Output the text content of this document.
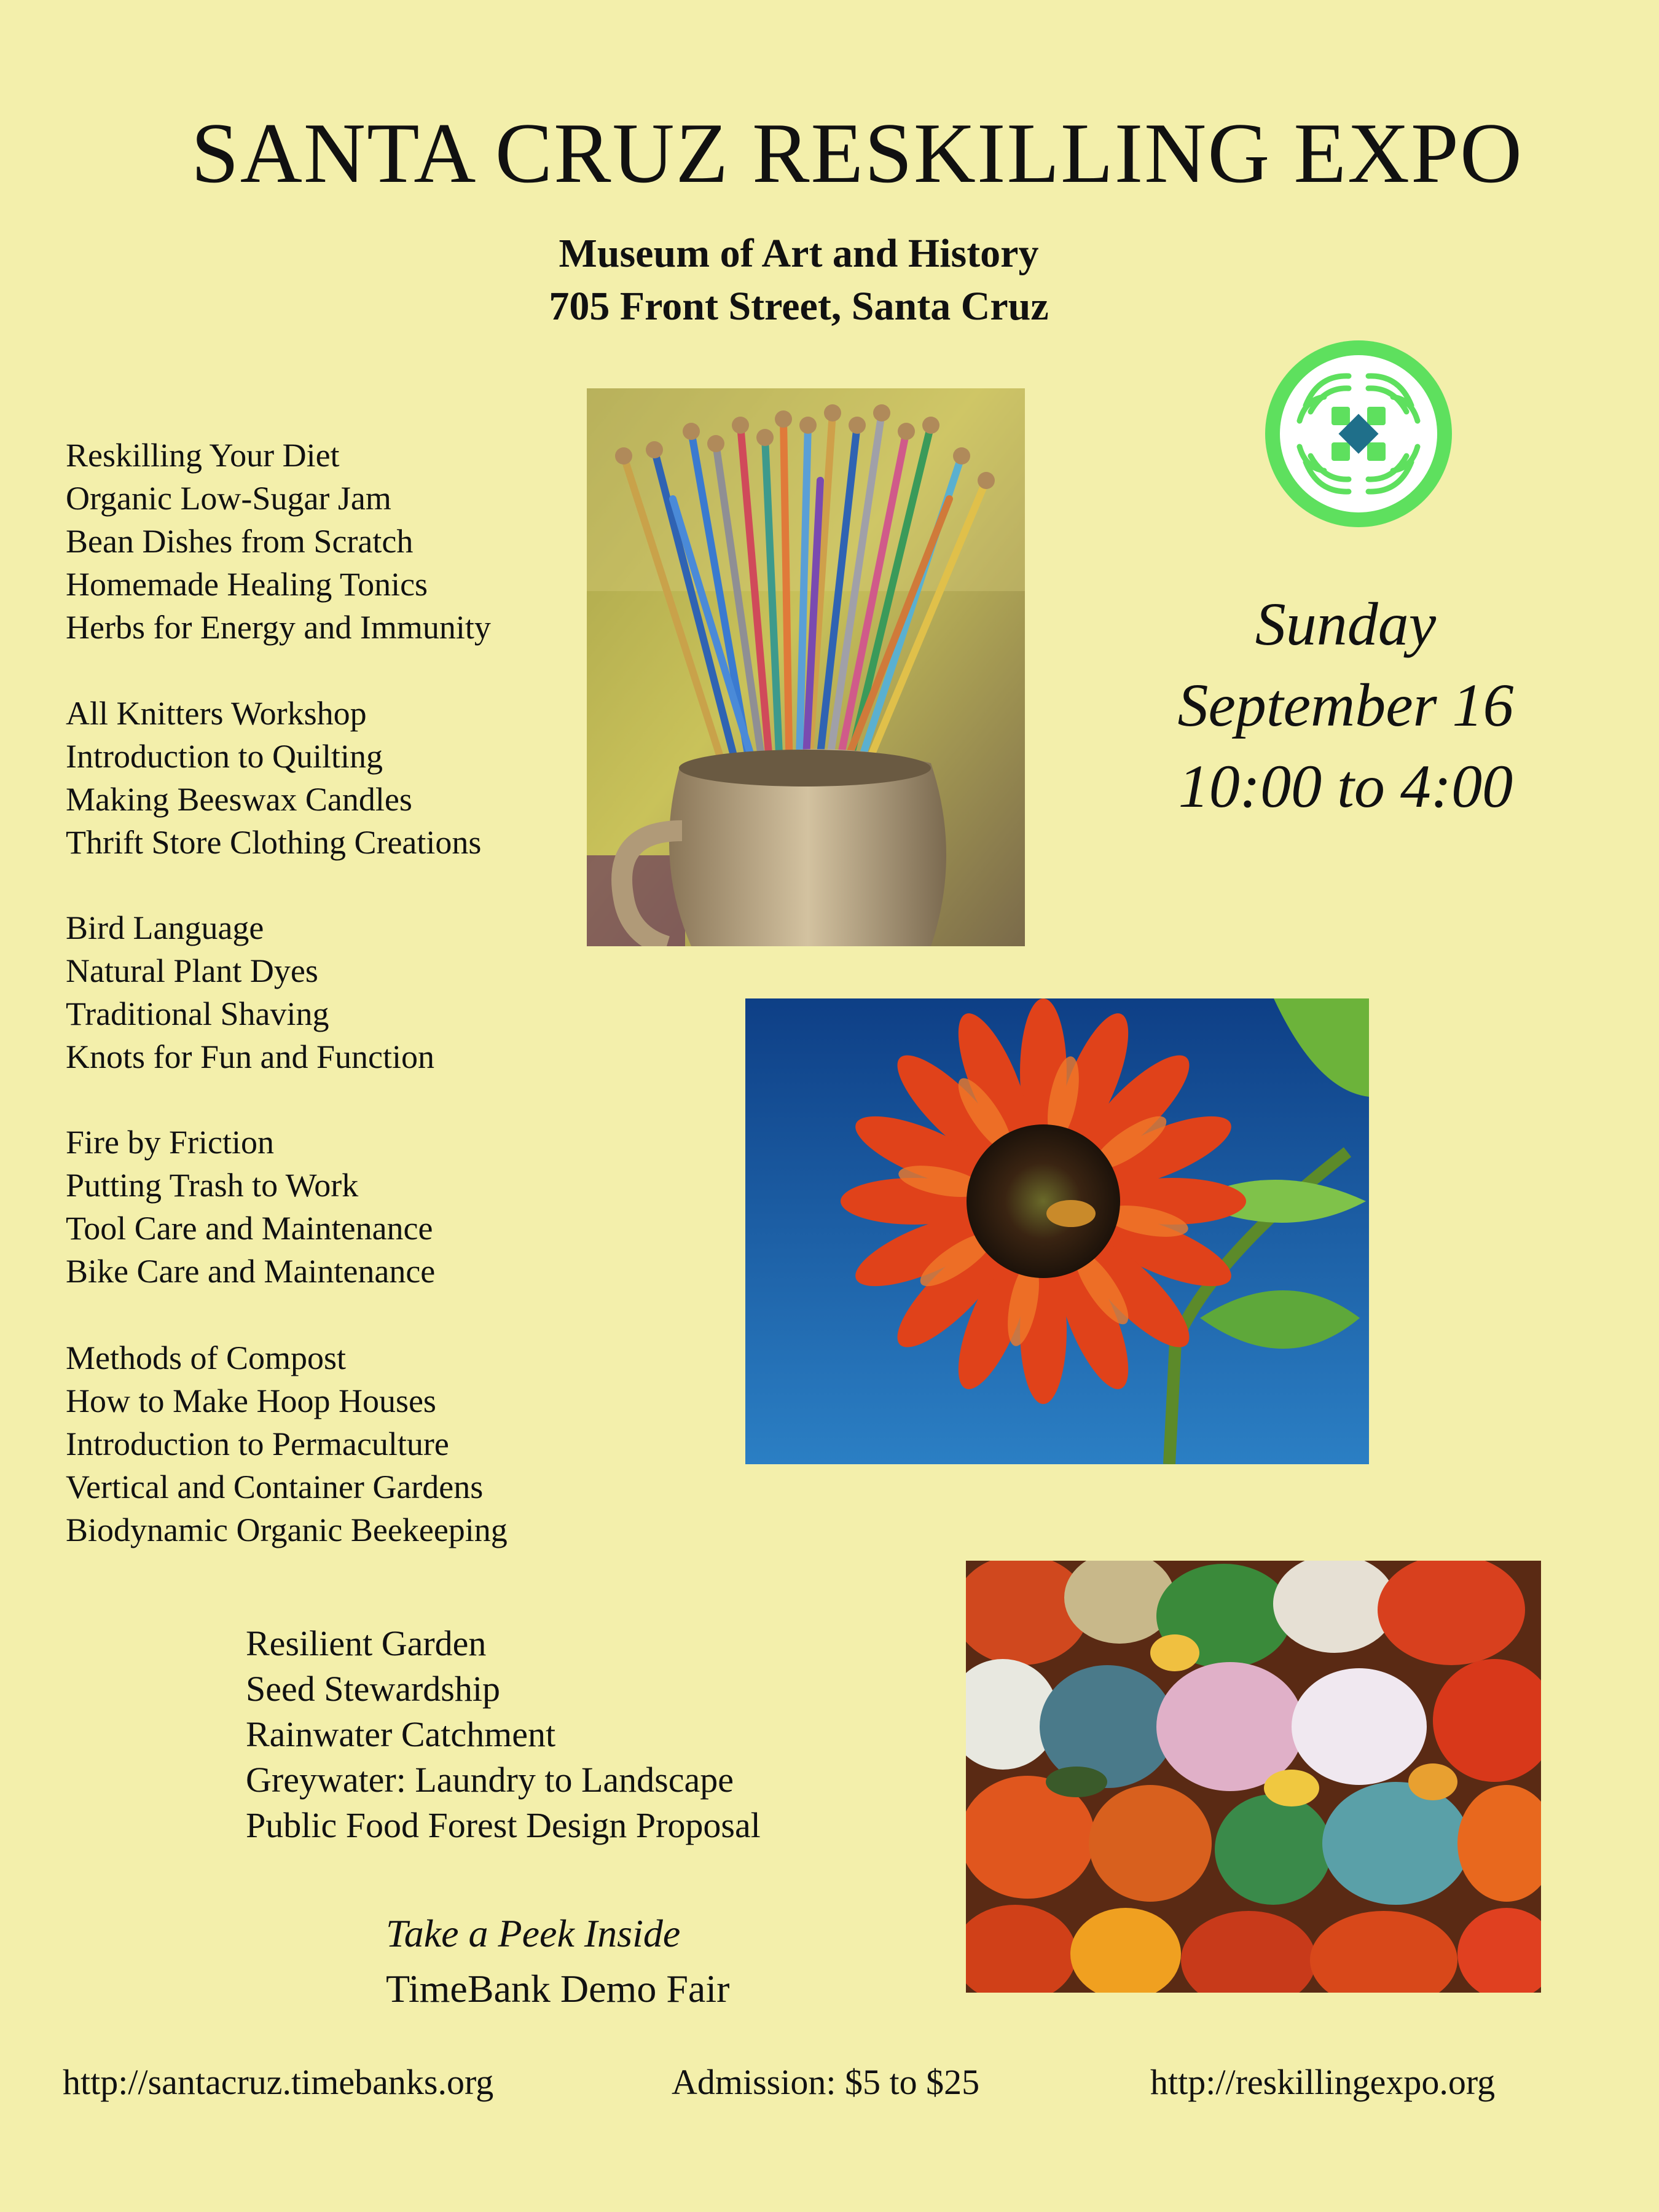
SANTA CRUZ RESKILLING EXPO
Museum of Art and History
705 Front Street, Santa Cruz
Reskilling Your Diet
Organic Low-Sugar Jam
Bean Dishes from Scratch
Homemade Healing Tonics
Herbs for Energy and Immunity
All Knitters Workshop
Introduction to Quilting
Making Beeswax Candles
Thrift Store Clothing Creations
Bird Language
Natural Plant Dyes
Traditional Shaving
Knots for Fun and Function
Fire by Friction
Putting Trash to Work
Tool Care and Maintenance
Bike Care and Maintenance
Methods of Compost
How to Make Hoop Houses
Introduction to Permaculture
Vertical and Container Gardens
Biodynamic Organic Beekeeping
Resilient Garden
Seed Stewardship
Rainwater Catchment
Greywater: Laundry to Landscape
Public Food Forest Design Proposal
Take a Peek Inside
TimeBank Demo Fair
Sunday
September 16
10:00 to 4:00
http://santacruz.timebanks.org	Admission: $5 to $25	http://reskillingexpo.org
